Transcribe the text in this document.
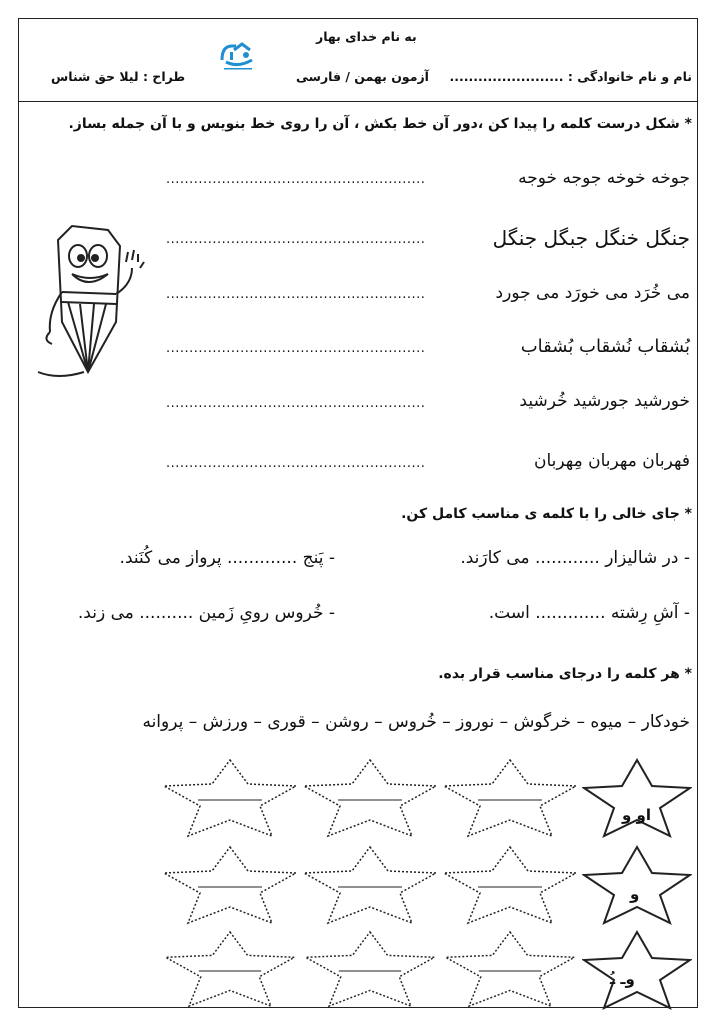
به نام خدای بهار
نام و نام خانوادگی : ........................
آزمون بهمن / فارسی
طراح : لیلا حق شناس
* شکل درست کلمه را پیدا کن ،دور آن خط بکش ، آن را روی خط بنویس و با آن جمله بساز.
جوخه خوخه جوجه خوجه
........................................................
جنگل خنگل جبگل جنگل
........................................................
می خُرَد می خورَد می جورد
........................................................
بُشقاب نُشقاب بُشقاب
........................................................
خورشید جورشید خُرشید
........................................................
فهربان مهربان مِهربان
........................................................
* جای خالی را با کلمه ی مناسب کامل کن.
- در شالیزار ............ می کارَند.
- پَنج ............. پرواز می کُنَند.
- آشِ رِشته ............. است.
- خُروس رویِ زَمین .......... می زند.
* هر کلمه را درجای مناسب قرار بده.
خودکار – میوه – خرگوش – نوروز – خُروس – روشن – قوری – ورزش – پروانه
او و
و
وـ ـُ
